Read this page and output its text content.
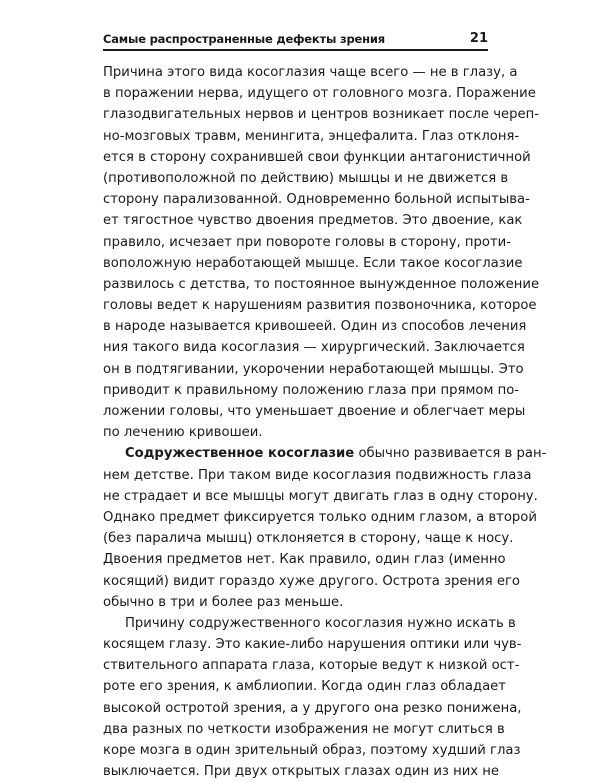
Самые распространенные дефекты зрения	21
Причина этого вида косоглазия чаще всего — не в глазу, а
в поражении нерва, идущего от головного мозга. Поражение
глазодвигательных нервов и центров возникает после череп-
но-мозговых травм, менингита, энцефалита. Глаз отклоня-
ется в сторону сохранившей свои функции антагонистичной
(противоположной по действию) мышцы и не движется в
сторону парализованной. Одновременно больной испытыва-
ет тягостное чувство двоения предметов. Это двоение, как
правило, исчезает при повороте головы в сторону, проти-
воположную неработающей мышце. Если такое косоглазие
развилось с детства, то постоянное вынужденное положение
головы ведет к нарушениям развития позвоночника, которое
в народе называется кривошеей. Один из способов лечения
ния такого вида косоглазия — хирургический. Заключается
он в подтягивании, укорочении неработающей мышцы. Это
приводит к правильному положению глаза при прямом по-
ложении головы, что уменьшает двоение и облегчает меры
по лечению кривошеи.
Содружественное косоглазие обычно развивается в ран-
нем детстве. При таком виде косоглазия подвижность глаза
не страдает и все мышцы могут двигать глаз в одну сторону.
Однако предмет фиксируется только одним глазом, а второй
(без паралича мышц) отклоняется в сторону, чаще к носу.
Двоения предметов нет. Как правило, один глаз (именно
косящий) видит гораздо хуже другого. Острота зрения его
обычно в три и более раз меньше.
Причину содружественного косоглазия нужно искать в
косящем глазу. Это какие-либо нарушения оптики или чув-
ствительного аппарата глаза, которые ведут к низкой ост-
роте его зрения, к амблиопии. Когда один глаз обладает
высокой остротой зрения, а у другого она резко понижена,
два разных по четкости изображения не могут слиться в
коре мозга в один зрительный образ, поэтому худший глаз
выключается. При двух открытых глазах один из них не
